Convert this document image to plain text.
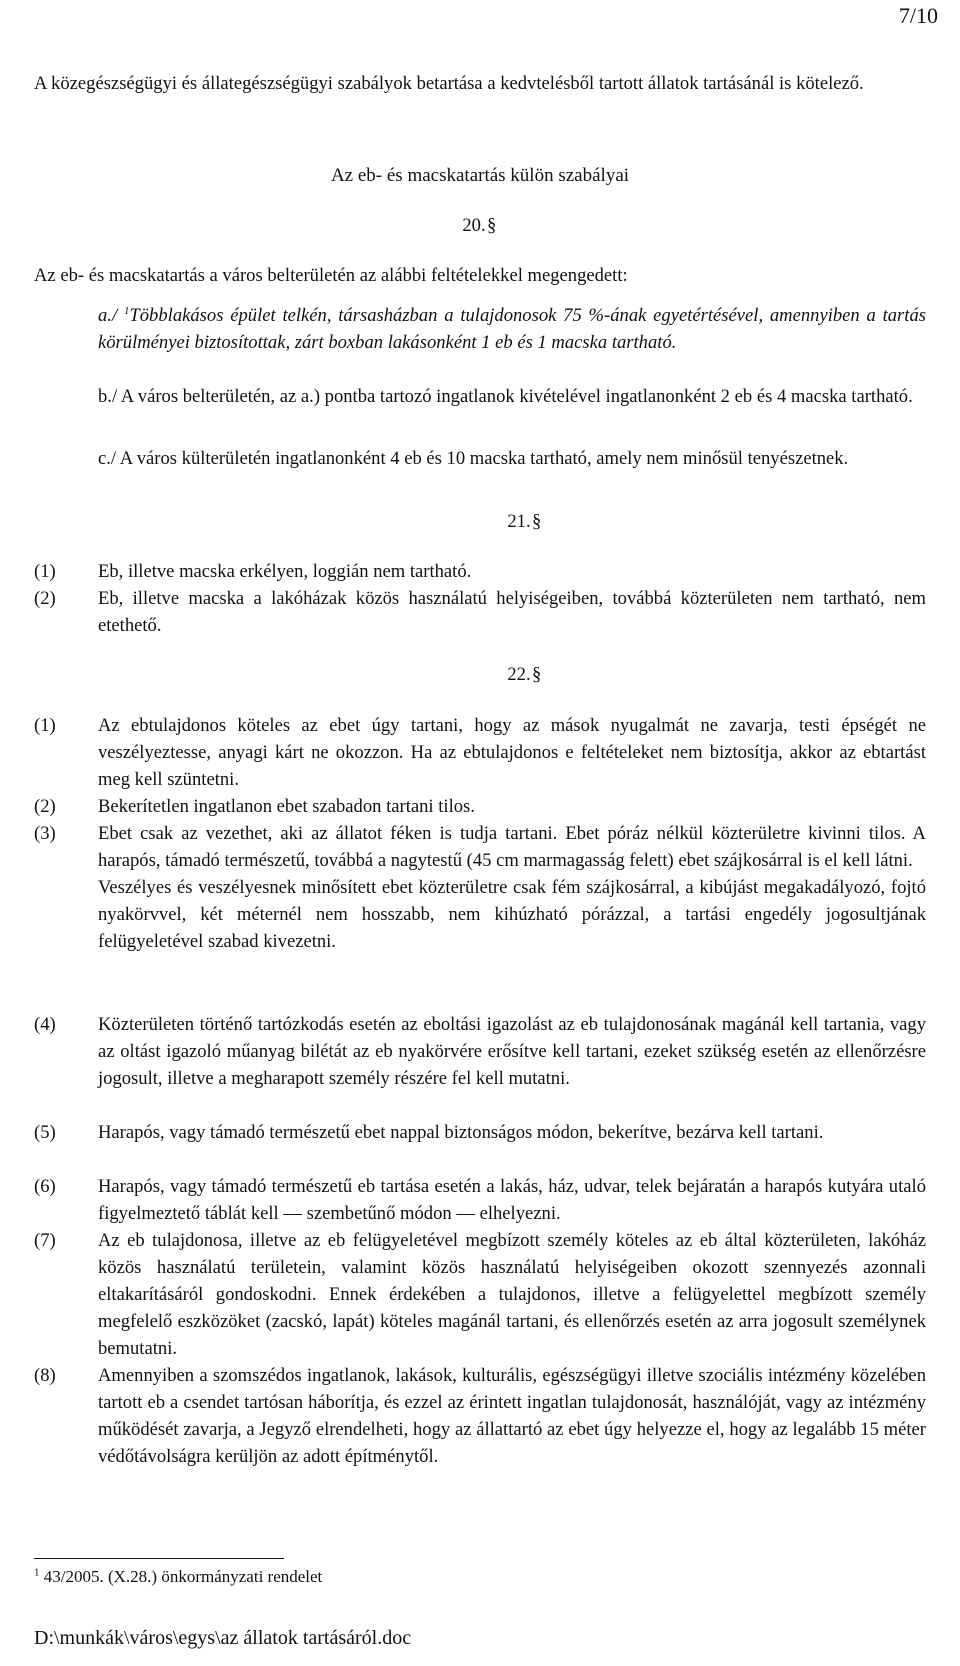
7/10
A közegészségügyi és állategészségügyi szabályok betartása a kedvtelésből tartott állatok tartásánál is kötelező.
Az eb- és macskatartás külön szabályai
20.§
Az eb- és macskatartás a város belterületén az alábbi feltételekkel megengedett:
a./ $^1$Többlakásos épület telkén, társasházban a tulajdonosok 75 %-ának egyetértésével, amennyiben a tartás körülményei biztosítottak, zárt boxban lakásonként 1 eb és 1 macska tartható.
b./ A város belterületén, az a.) pontba tartozó ingatlanok kivételével ingatlanonként 2 eb és 4 macska tartható.
c./ A város külterületén ingatlanonként 4 eb és 10 macska tartható, amely nem minősül tenyészetnek.
21.§
(1)	Eb, illetve macska erkélyen, loggián nem tartható.
(2)	Eb, illetve macska a lakóházak közös használatú helyiségeiben, továbbá közterületen nem tartható, nem etethető.
22.§
(1)	Az ebtulajdonos köteles az ebet úgy tartani, hogy az mások nyugalmát ne zavarja, testi épségét ne veszélyeztesse, anyagi kárt ne okozzon. Ha az ebtulajdonos e feltételeket nem biztosítja, akkor az ebtartást meg kell szüntetni.
(2)	Bekerítetlen ingatlanon ebet szabadon tartani tilos.
(3)	Ebet csak az vezethet, aki az állatot féken is tudja tartani. Ebet póráz nélkül közterületre kivinni tilos. A harapós, támadó természetű, továbbá a nagytestű (45 cm marmagasság felett) ebet szájkosárral is el kell látni.

Veszélyes és veszélyesnek minősített ebet közterületre csak fém szájkosárral, a kibújást megakadályozó, fojtó nyakörvvel, két méternél nem hosszabb, nem kihúzható pórázzal, a tartási engedély jogosultjának felügyeletével szabad kivezetni.

(4)	Közterületen történő tartózkodás esetén az eboltási igazolást az eb tulajdonosának magánál kell tartania, vagy az oltást igazoló műanyag bilétát az eb nyakörvére erősítve kell tartani, ezeket szükség esetén az ellenőrzésre jogosult, illetve a megharapott személy részére fel kell mutatni.
(5)	Harapós, vagy támadó természetű ebet nappal biztonságos módon, bekerítve, bezárva kell tartani.
(6)	Harapós, vagy támadó természetű eb tartása esetén a lakás, ház, udvar, telek bejáratán a harapós kutyára utaló figyelmeztető táblát kell — szembetűnő módon — elhelyezni.
(7)	Az eb tulajdonosa, illetve az eb felügyeletével megbízott személy köteles az eb által közterületen, lakóház közös használatú területein, valamint közös használatú helyiségeiben okozott szennyezés azonnali eltakarításáról gondoskodni. Ennek érdekében a tulajdonos, illetve a felügyelettel megbízott személy megfelelő eszközöket (zacskó, lapát) köteles magánál tartani, és ellenőrzés esetén az arra jogosult személynek bemutatni.
(8)	Amennyiben a szomszédos ingatlanok, lakások, kulturális, egészségügyi illetve szociális intézmény közelében tartott eb a csendet tartósan háborítja, és ezzel az érintett ingatlan tulajdonosát, használóját, vagy az intézmény működését zavarja, a Jegyző elrendelheti, hogy az állattartó az ebet úgy helyezze el, hogy az legalább 15 méter védőtávolságra kerüljön az adott építménytől.
$^1$ 43/2005. (X.28.) önkormányzati rendelet
D:\munkák\város\egys\az állatok tartásáról.doc
